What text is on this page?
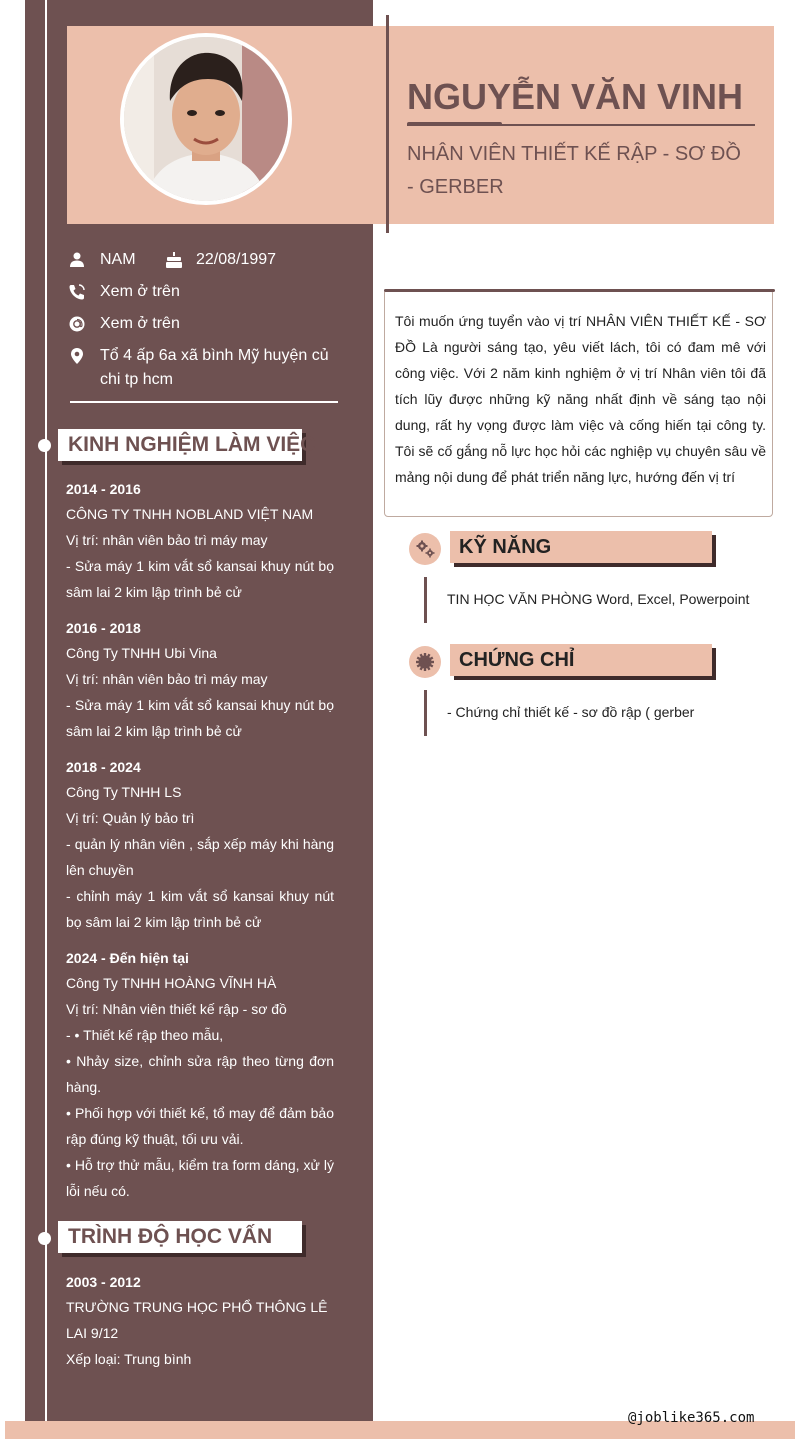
NGUYỄN VĂN VINH
NHÂN VIÊN THIẾT KẾ RẬP - SƠ ĐỒ - GERBER
NAM	22/08/1997
Xem ở trên
Xem ở trên
Tổ 4 ấp 6a xã bình Mỹ huyện củ
chi tp hcm
KINH NGHIỆM LÀM VIỆC
2014 - 2016

CÔNG TY TNHH NOBLAND VIỆT NAM

Vị trí: nhân viên bảo trì máy may

- Sửa máy 1 kim vắt sổ kansai khuy nút bọ sâm lai 2 kim lập trình bẻ cử

2016 - 2018

Công Ty TNHH Ubi Vina

Vị trí: nhân viên bảo trì máy may

- Sửa máy 1 kim vắt sổ kansai khuy nút bọ sâm lai 2 kim lập trình bẻ cử

2018 - 2024

Công Ty TNHH LS

Vị trí: Quản lý bảo trì

- quản lý nhân viên , sắp xếp máy khi hàng lên chuyền

- chỉnh máy 1 kim vắt sổ kansai khuy nút bọ sâm lai 2 kim lập trình bẻ cử

2024 - Đến hiện tại

Công Ty TNHH HOÀNG VĨNH HÀ

Vị trí: Nhân viên thiết kế rập - sơ đồ

- • Thiết kế rập theo mẫu,

• Nhảy size, chỉnh sửa rập theo từng đơn hàng.

• Phối hợp với thiết kế, tổ may để đảm bảo rập đúng kỹ thuật, tối ưu vải.

• Hỗ trợ thử mẫu, kiểm tra form dáng, xử lý lỗi nếu có.

TRÌNH ĐỘ HỌC VẤN
2003 - 2012

TRƯỜNG TRUNG HỌC PHỔ THÔNG LÊ LAI 9/12

Xếp loại: Trung bình

Tôi muốn ứng tuyển vào vị trí NHÂN VIÊN THIẾT KẾ - SƠ ĐỒ Là người sáng tạo, yêu viết lách, tôi có đam mê với công việc. Với 2 năm kinh nghiệm ở vị trí Nhân viên tôi đã tích lũy được những kỹ năng nhất định về sáng tạo nội dung, rất hy vọng được làm việc và cống hiến tại công ty. Tôi sẽ cố gắng nỗ lực học hỏi các nghiệp vụ chuyên sâu về mảng nội dung để phát triển năng lực, hướng đến vị trí

KỸ NĂNG
TIN HỌC VĂN PHÒNG Word, Excel, Powerpoint
CHỨNG CHỈ
- Chứng chỉ thiết kế - sơ đồ rập ( gerber
@joblike365.com
